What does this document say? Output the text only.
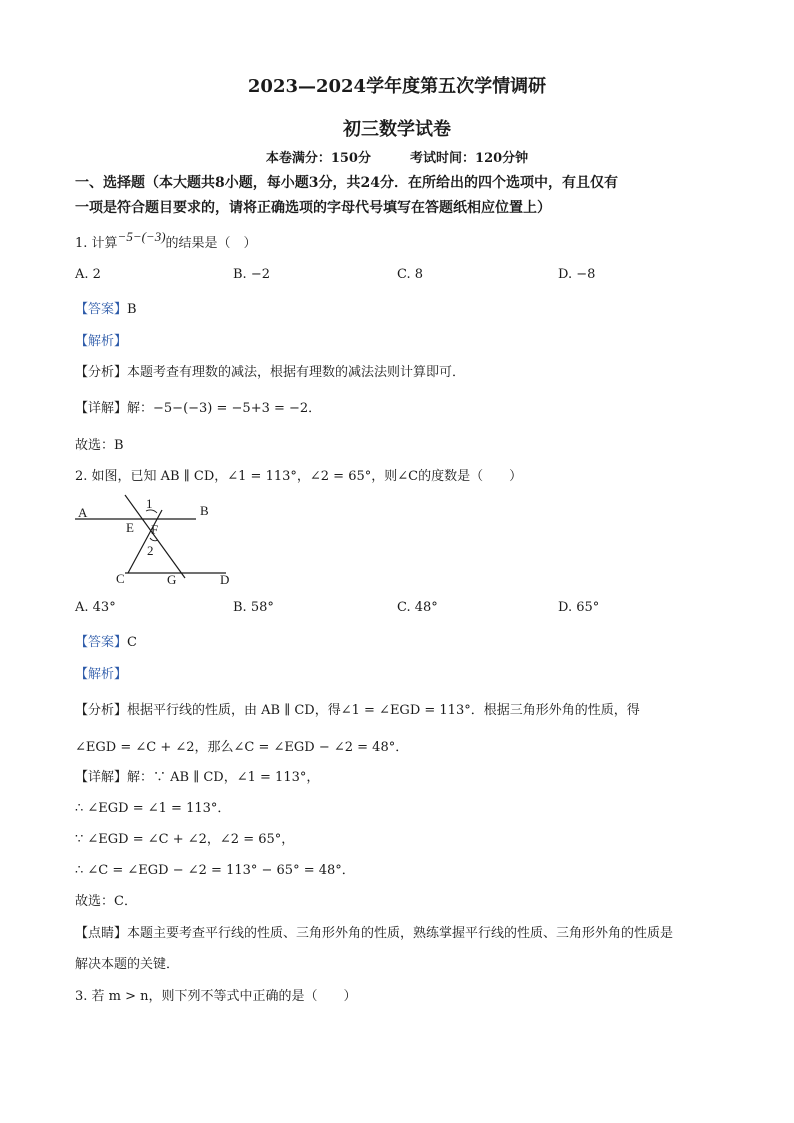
2023—2024学年度第五次学情调研
初三数学试卷
本卷满分：150分	考试时间：120分钟
一、选择题（本大题共8小题，每小题3分，共24分．在所给出的四个选项中，有且仅有
一项是符合题目要求的，请将正确选项的字母代号填写在答题纸相应位置上）
1. 计算−5−(−3)的结果是（　）
A. 2	B. −2	C. 8	D. −8
【答案】B
【解析】
【分析】本题考查有理数的减法，根据有理数的减法法则计算即可．
【详解】解：−5−(−3) = −5+3 = −2．
故选：B
2. 如图，已知 AB ∥ CD，∠1 = 113°，∠2 = 65°，则∠C的度数是（　　）
A	B
C	D
E F
G
1
2
A. 43°	B. 58°	C. 48°	D. 65°
【答案】C
【解析】
【分析】根据平行线的性质，由 AB ∥ CD，得∠1 = ∠EGD = 113°．根据三角形外角的性质，得
∠EGD = ∠C + ∠2，那么∠C = ∠EGD − ∠2 = 48°．
【详解】解：∵ AB ∥ CD，∠1 = 113°，
∴ ∠EGD = ∠1 = 113°．
∵ ∠EGD = ∠C + ∠2，∠2 = 65°，
∴ ∠C = ∠EGD − ∠2 = 113° − 65° = 48°．
故选：C．
【点睛】本题主要考查平行线的性质、三角形外角的性质，熟练掌握平行线的性质、三角形外角的性质是
解决本题的关键．
3. 若 m > n，则下列不等式中正确的是（　　）
